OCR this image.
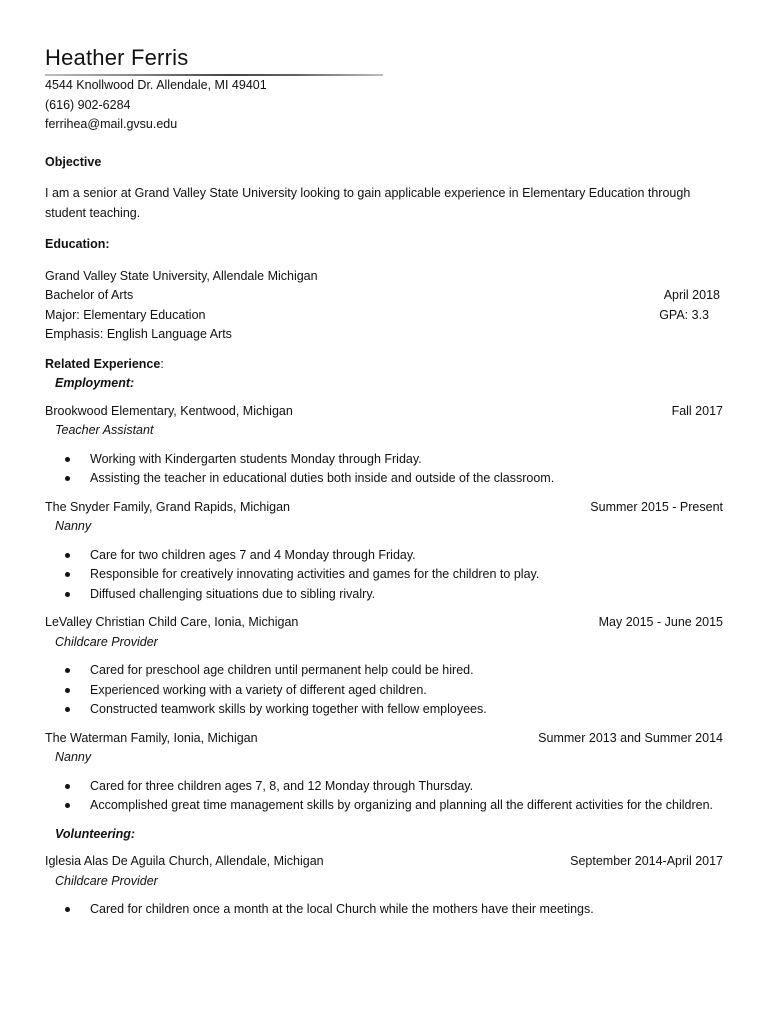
Heather Ferris
4544 Knollwood Dr. Allendale, MI 49401
(616) 902-6284
ferrihea@mail.gvsu.edu
Objective

I am a senior at Grand Valley State University looking to gain applicable experience in Elementary Education through student teaching.

Education:
Grand Valley State University, Allendale Michigan
Bachelor of Arts	April 2018
Major: Elementary Education	GPA: 3.3
Emphasis: English Language Arts
Related Experience:
Employment:
Brookwood Elementary, Kentwood, Michigan	Fall 2017
Teacher Assistant
Working with Kindergarten students Monday through Friday.
Assisting the teacher in educational duties both inside and outside of the classroom.
The Snyder Family, Grand Rapids, Michigan	Summer 2015 - Present
Nanny
Care for two children ages 7 and 4 Monday through Friday.
Responsible for creatively innovating activities and games for the children to play.
Diffused challenging situations due to sibling rivalry.
LeValley Christian Child Care, Ionia, Michigan	May 2015 - June 2015
Childcare Provider
Cared for preschool age children until permanent help could be hired.
Experienced working with a variety of different aged children.
Constructed teamwork skills by working together with fellow employees.
The Waterman Family, Ionia, Michigan	Summer 2013 and Summer 2014
Nanny
Cared for three children ages 7, 8, and 12 Monday through Thursday.
Accomplished great time management skills by organizing and planning all the different activities for the children.
Volunteering:
Iglesia Alas De Aguila Church, Allendale, Michigan	September 2014-April 2017
Childcare Provider
Cared for children once a month at the local Church while the mothers have their meetings.
